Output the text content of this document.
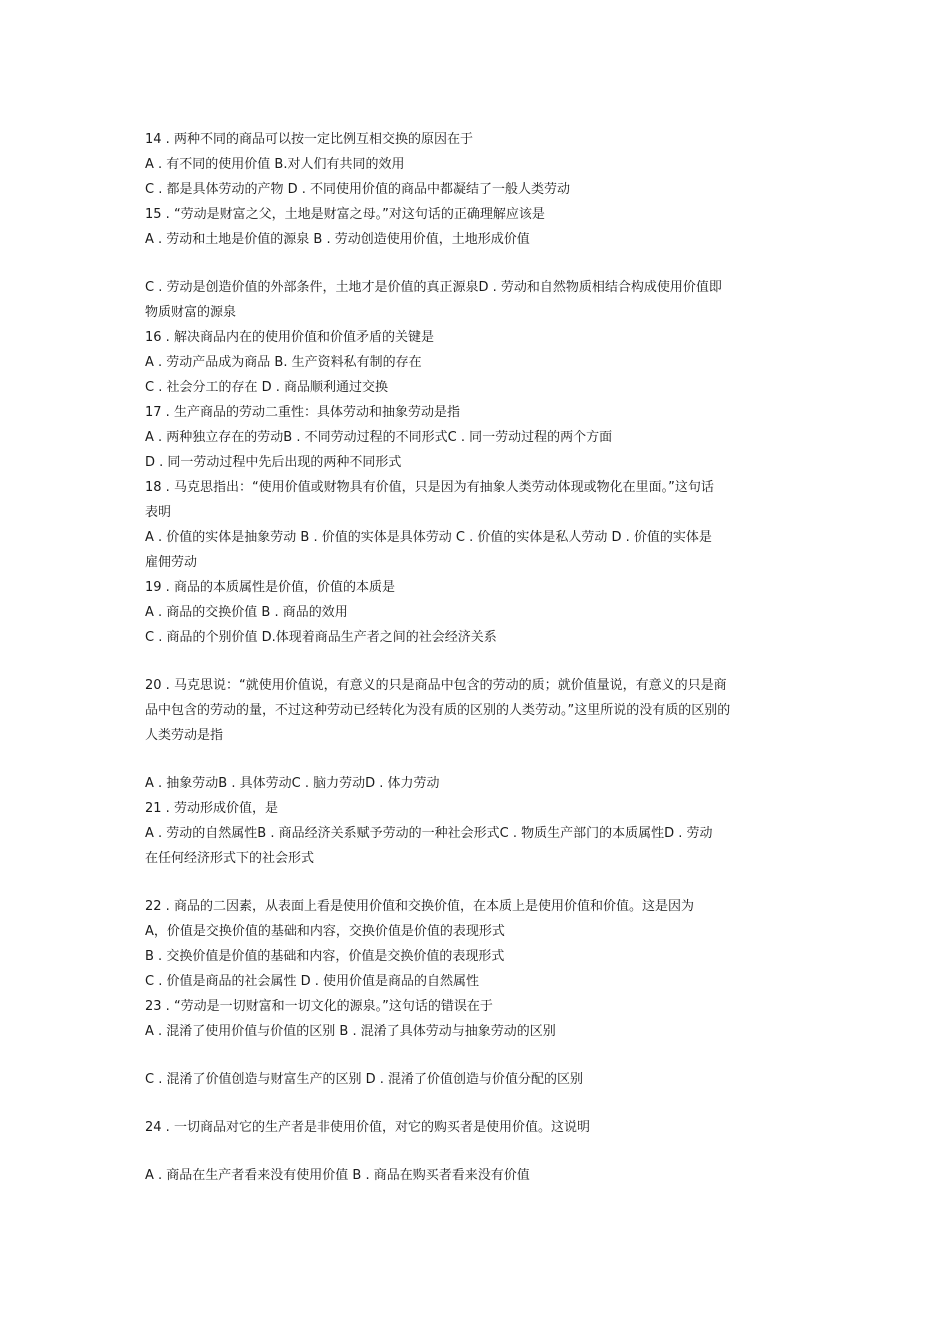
14 . 两种不同的商品可以按一定比例互相交换的原因在于
A . 有不同的使用价值 B.对人们有共同的效用
C . 都是具体劳动的产物 D . 不同使用价值的商品中都凝结了一般人类劳动
15 . “劳动是财富之父，土地是财富之母。”对这句话的正确理解应该是
A . 劳动和土地是价值的源泉 B . 劳动创造使用价值，土地形成价值
C . 劳动是创造价值的外部条件，土地才是价值的真正源泉D . 劳动和自然物质相结合构成使用价值即
物质财富的源泉
16 . 解决商品内在的使用价值和价值矛盾的关键是
A . 劳动产品成为商品 B. 生产资料私有制的存在
C . 社会分工的存在 D . 商品顺利通过交换
17 . 生产商品的劳动二重性：具体劳动和抽象劳动是指
A . 两种独立存在的劳动B . 不同劳动过程的不同形式C . 同一劳动过程的两个方面
D . 同一劳动过程中先后出现的两种不同形式
18 . 马克思指出：“使用价值或财物具有价值，只是因为有抽象人类劳动体现或物化在里面。”这句话
表明
A . 价值的实体是抽象劳动 B . 价值的实体是具体劳动 C . 价值的实体是私人劳动 D . 价值的实体是
雇佣劳动
19 . 商品的本质属性是价值，价值的本质是
A . 商品的交换价值 B . 商品的效用
C . 商品的个别价值 D.体现着商品生产者之间的社会经济关系
20 . 马克思说：“就使用价值说，有意义的只是商品中包含的劳动的质；就价值量说，有意义的只是商
品中包含的劳动的量，不过这种劳动已经转化为没有质的区别的人类劳动。”这里所说的没有质的区别的
人类劳动是指
A . 抽象劳动B . 具体劳动C . 脑力劳动D . 体力劳动
21 . 劳动形成价值，是
A . 劳动的自然属性B . 商品经济关系赋予劳动的一种社会形式C . 物质生产部门的本质属性D . 劳动
在任何经济形式下的社会形式
22 . 商品的二因素，从表面上看是使用价值和交换价值，在本质上是使用价值和价值。这是因为
A，价值是交换价值的基础和内容，交换价值是价值的表现形式
B . 交换价值是价值的基础和内容，价值是交换价值的表现形式
C . 价值是商品的社会属性 D . 使用价值是商品的自然属性
23 . “劳动是一切财富和一切文化的源泉。”这句话的错误在于
A . 混淆了使用价值与价值的区别 B . 混淆了具体劳动与抽象劳动的区别
C . 混淆了价值创造与财富生产的区别 D . 混淆了价值创造与价值分配的区别
24 . 一切商品对它的生产者是非使用价值，对它的购买者是使用价值。这说明
A . 商品在生产者看来没有使用价值 B . 商品在购买者看来没有价值
